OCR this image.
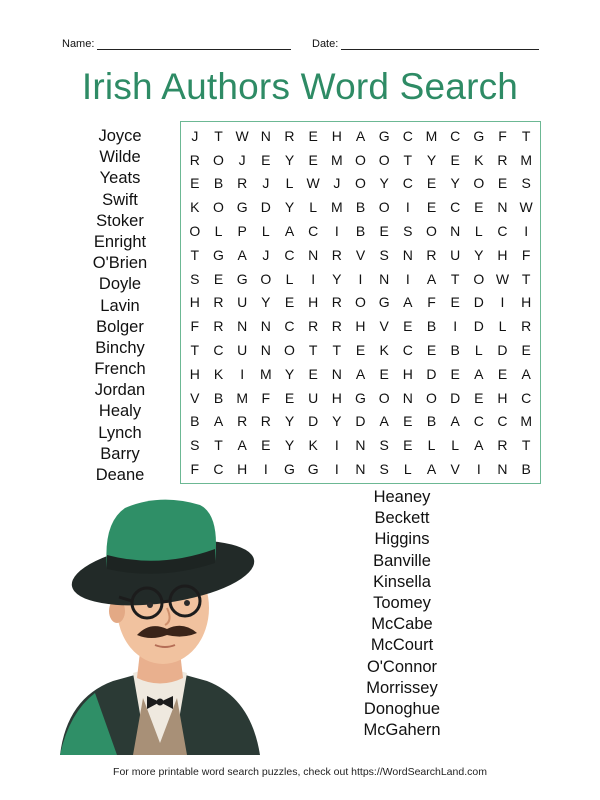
Name:	Date:
Irish Authors Word Search
Joyce
Wilde
Yeats
Swift
Stoker
Enright
O'Brien
Doyle
Lavin
Bolger
Binchy
French
Jordan
Healy
Lynch
Barry
Deane
J	T W N R E H A G C M C G F	T
R O	J	E	Y	E M O O T	Y	E	K R M
E	B R	J	L W J	O Y C E	Y O E	S
K O G D Y	L M B O	I	E C E N W
O	L	P	L	A C	I	B	E	S O N	L	C	I
T G A	J	C N R V	S N R U Y H	F
S	E G O	L	I	Y	I	N	I	A	T O W T
H R U Y	E H R O G A	F	E D	I	H
F	R N N C R R H V	E	B	I	D	L	R
T	C U N O T	T	E	K C E	B	L	D E
H K	I	M Y	E N A	E H D E	A	E	A
V	B M F	E U H G O N O D E H C
B	A R R Y D Y D A	E	B	A C C M
S	T	A	E	Y	K	I	N S	E	L	L	A R	T
F	C H	I	G G	I	N S	L	A	V	I	N B
Heaney
Beckett
Higgins
Banville
Kinsella
Toomey
McCabe
McCourt
O'Connor
Morrissey
Donoghue
McGahern
For more printable word search puzzles, check out https://WordSearchLand.com
